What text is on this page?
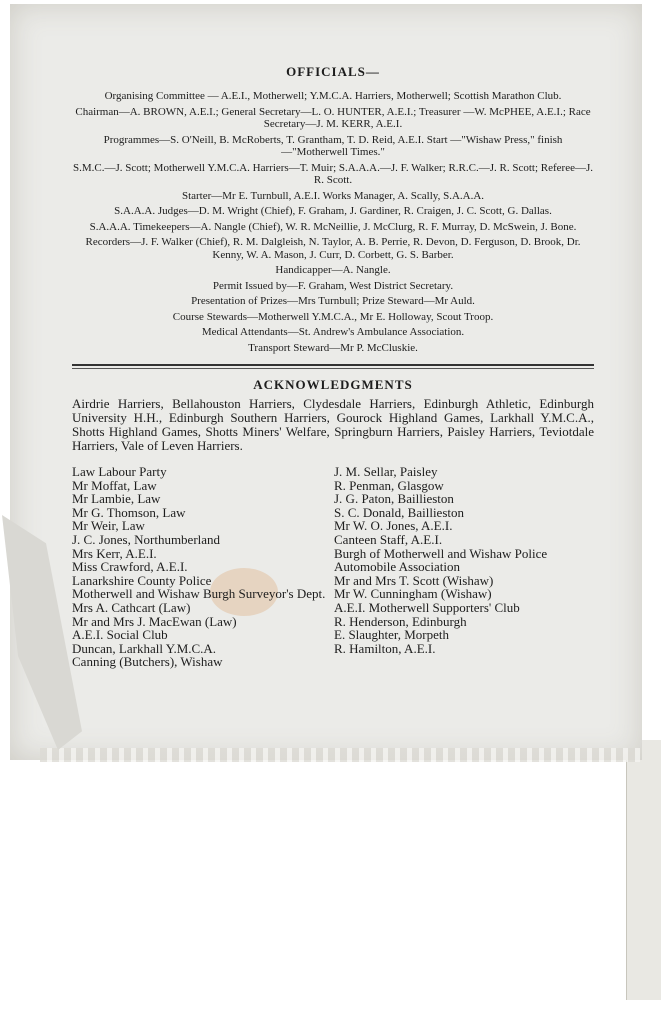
OFFICIALS—
Organising Committee — A.E.I., Motherwell; Y.M.C.A. Harriers, Motherwell; Scottish Marathon Club.
Chairman—A. BROWN, A.E.I.; General Secretary—L. O. HUNTER, A.E.I.; Treasurer —W. McPHEE, A.E.I.; Race Secretary—J. M. KERR, A.E.I.
Programmes—S. O'Neill, B. McRoberts, T. Grantham, T. D. Reid, A.E.I. Start —"Wishaw Press," finish—"Motherwell Times."
S.M.C.—J. Scott; Motherwell Y.M.C.A. Harriers—T. Muir; S.A.A.A.—J. F. Walker; R.R.C.—J. R. Scott; Referee—J. R. Scott.
Starter—Mr E. Turnbull, A.E.I. Works Manager, A. Scally, S.A.A.A.
S.A.A.A. Judges—D. M. Wright (Chief), F. Graham, J. Gardiner, R. Craigen, J. C. Scott, G. Dallas.
S.A.A.A. Timekeepers—A. Nangle (Chief), W. R. McNeillie, J. McClurg, R. F. Murray, D. McSwein, J. Bone.
Recorders—J. F. Walker (Chief), R. M. Dalgleish, N. Taylor, A. B. Perrie, R. Devon, D. Ferguson, D. Brook, Dr. Kenny, W. A. Mason, J. Curr, D. Corbett, G. S. Barber.
Handicapper—A. Nangle.
Permit Issued by—F. Graham, West District Secretary.
Presentation of Prizes—Mrs Turnbull; Prize Steward—Mr Auld.
Course Stewards—Motherwell Y.M.C.A., Mr E. Holloway, Scout Troop.
Medical Attendants—St. Andrew's Ambulance Association.
Transport Steward—Mr P. McCluskie.
ACKNOWLEDGMENTS
Airdrie Harriers, Bellahouston Harriers, Clydesdale Harriers, Edinburgh Athletic, Edinburgh University H.H., Edinburgh Southern Harriers, Gourock Highland Games, Larkhall Y.M.C.A., Shotts Highland Games, Shotts Miners' Welfare, Springburn Harriers, Paisley Harriers, Teviotdale Harriers, Vale of Leven Harriers.
Law Labour Party
Mr Moffat, Law
Mr Lambie, Law
Mr G. Thomson, Law
Mr Weir, Law
J. C. Jones, Northumberland
Mrs Kerr, A.E.I.
Miss Crawford, A.E.I.
Lanarkshire County Police
Motherwell and Wishaw Burgh Surveyor's Dept.
Mrs A. Cathcart (Law)
Mr and Mrs J. MacEwan (Law)
A.E.I. Social Club
Duncan, Larkhall Y.M.C.A.
Canning (Butchers), Wishaw
J. M. Sellar, Paisley
R. Penman, Glasgow
J. G. Paton, Baillieston
S. C. Donald, Baillieston
Mr W. O. Jones, A.E.I.
Canteen Staff, A.E.I.
Burgh of Motherwell and Wishaw Police
Automobile Association
Mr and Mrs T. Scott (Wishaw)
Mr W. Cunningham (Wishaw)
A.E.I. Motherwell Supporters' Club
R. Henderson, Edinburgh
E. Slaughter, Morpeth
R. Hamilton, A.E.I.
